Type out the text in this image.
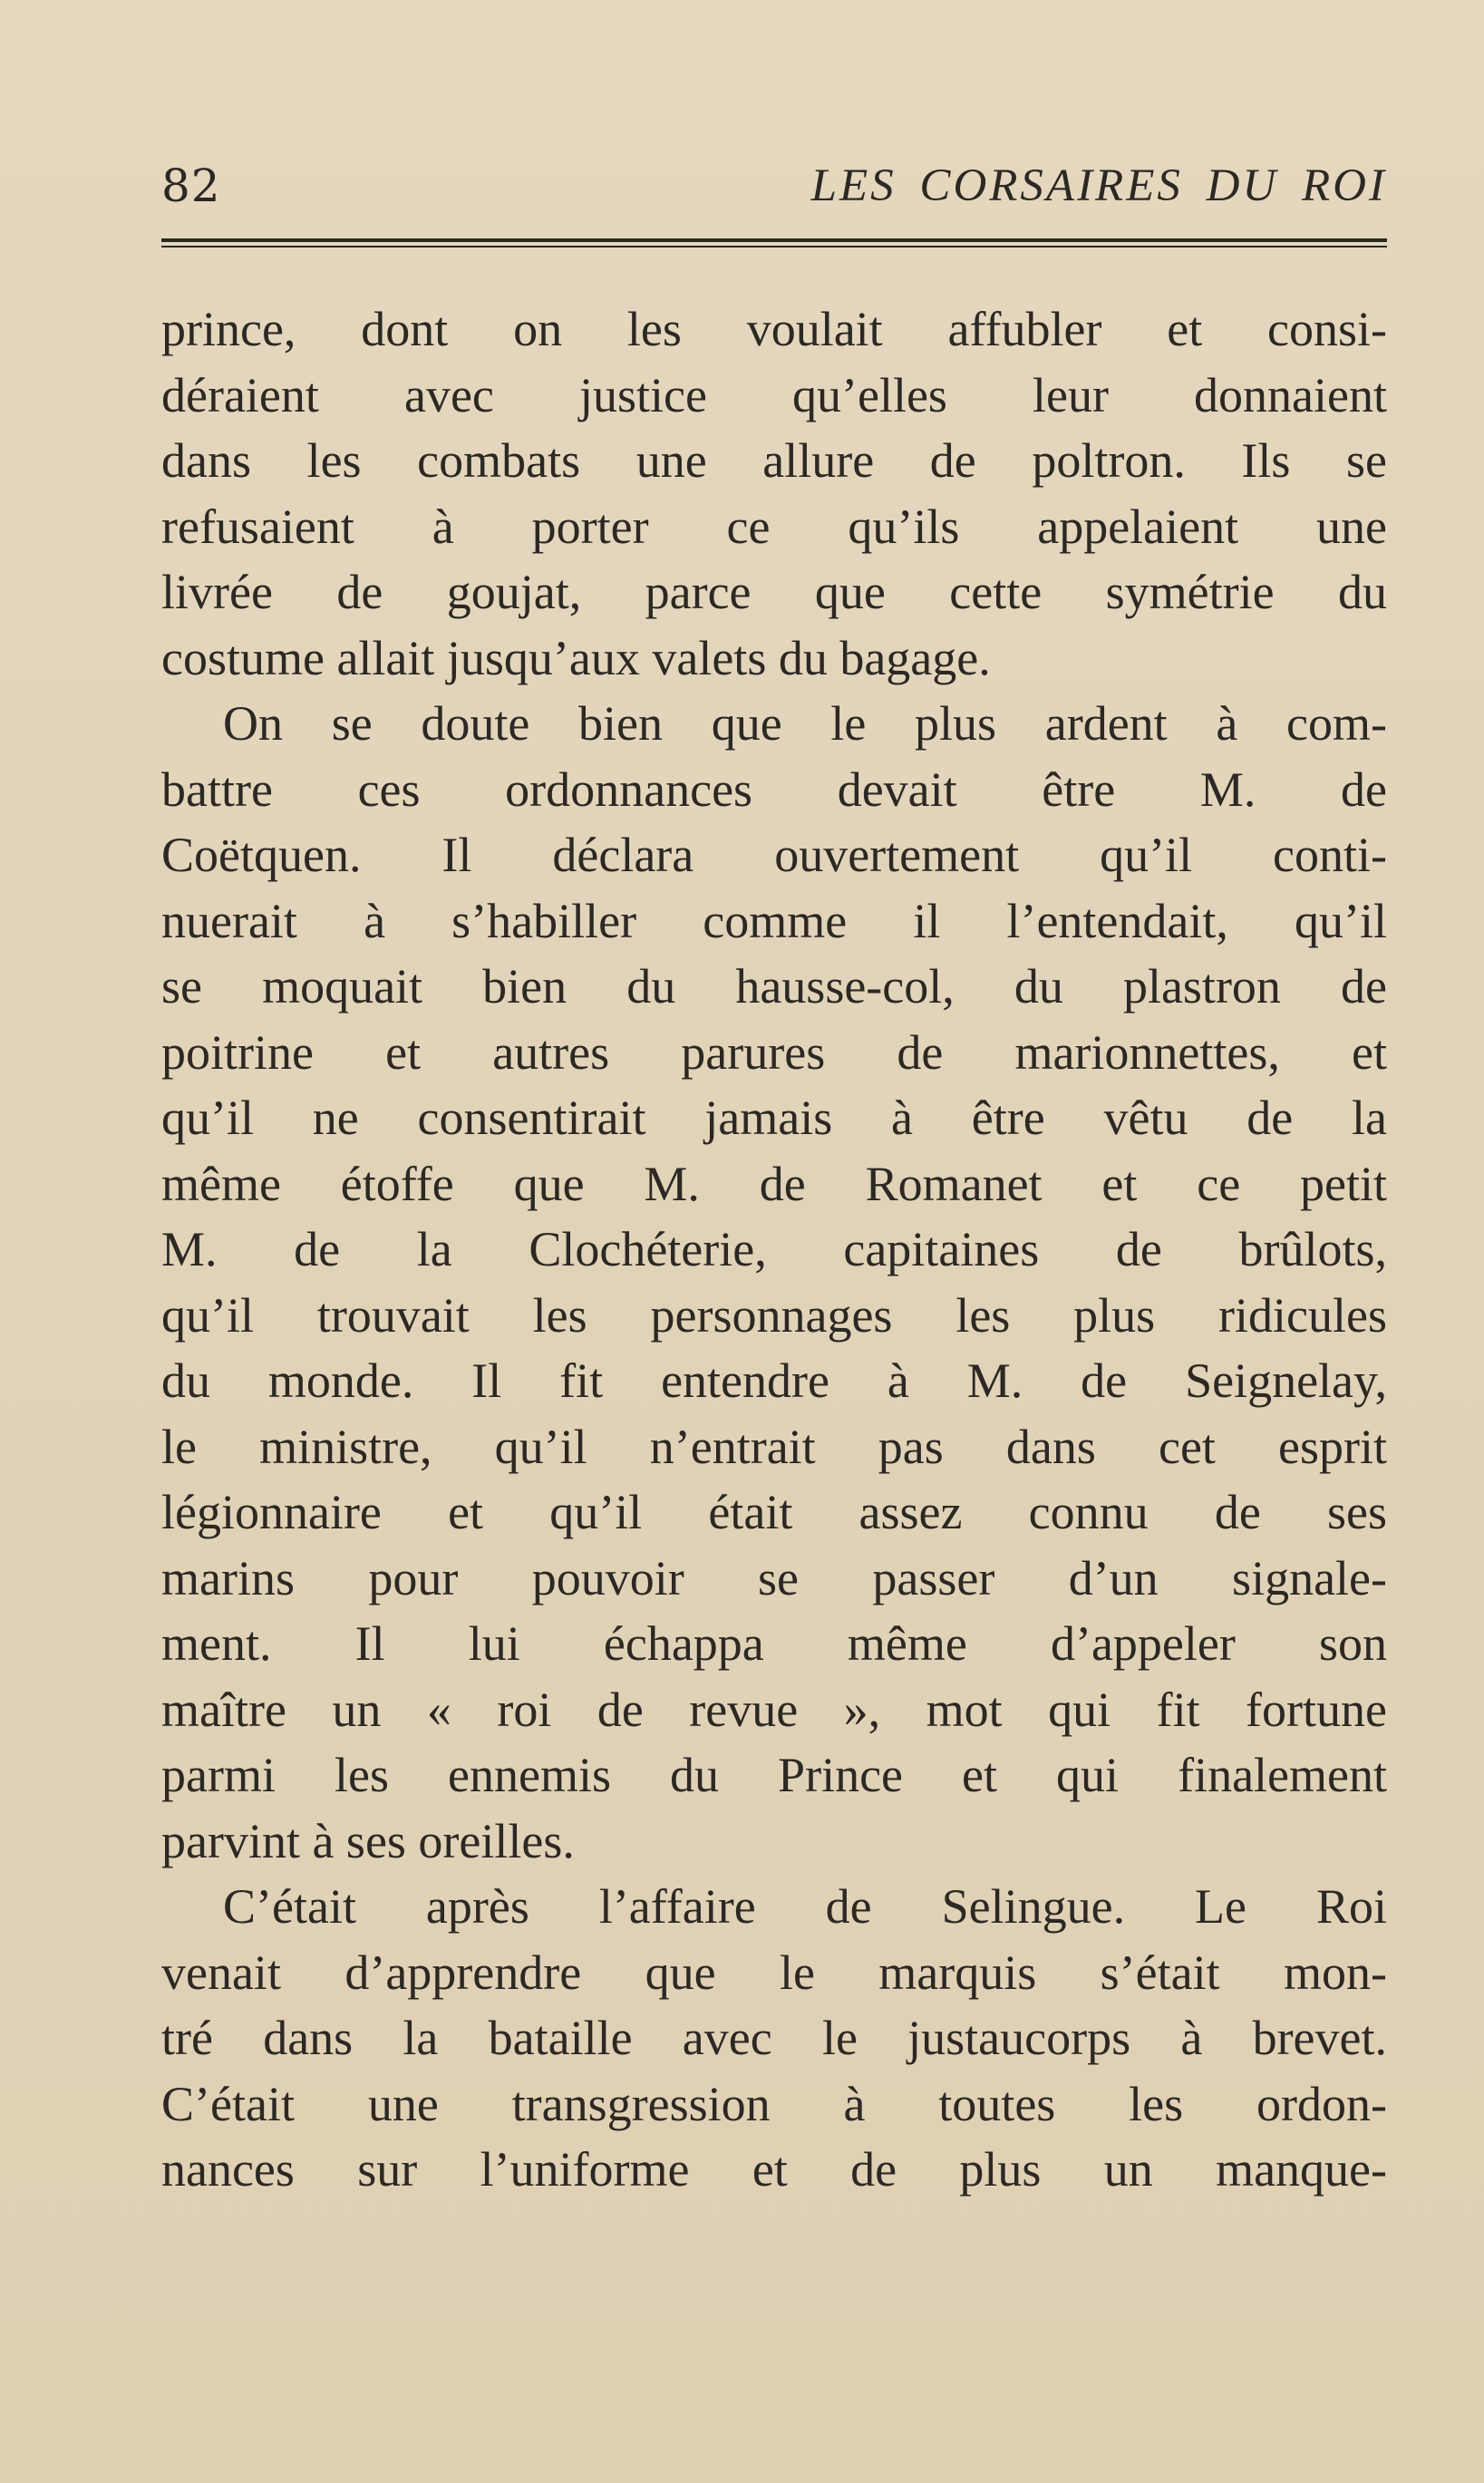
82	LES CORSAIRES DU ROI
prince, dont on les voulait affubler et consi-
déraient avec justice qu’elles leur donnaient
dans les combats une allure de poltron. Ils se
refusaient à porter ce qu’ils appelaient une
livrée de goujat, parce que cette symétrie du
costume allait jusqu’aux valets du bagage.
On se doute bien que le plus ardent à com-
battre ces ordonnances devait être M. de
Coëtquen. Il déclara ouvertement qu’il conti-
nuerait à s’habiller comme il l’entendait, qu’il
se moquait bien du hausse-col, du plastron de
poitrine et autres parures de marionnettes, et
qu’il ne consentirait jamais à être vêtu de la
même étoffe que M. de Romanet et ce petit
M. de la Clochéterie, capitaines de brûlots,
qu’il trouvait les personnages les plus ridicules
du monde. Il fit entendre à M. de Seignelay,
le ministre, qu’il n’entrait pas dans cet esprit
légionnaire et qu’il était assez connu de ses
marins pour pouvoir se passer d’un signale-
ment. Il lui échappa même d’appeler son
maître un « roi de revue », mot qui fit fortune
parmi les ennemis du Prince et qui finalement
parvint à ses oreilles.
C’était après l’affaire de Selingue. Le Roi
venait d’apprendre que le marquis s’était mon-
tré dans la bataille avec le justaucorps à brevet.
C’était une transgression à toutes les ordon-
nances sur l’uniforme et de plus un manque-
